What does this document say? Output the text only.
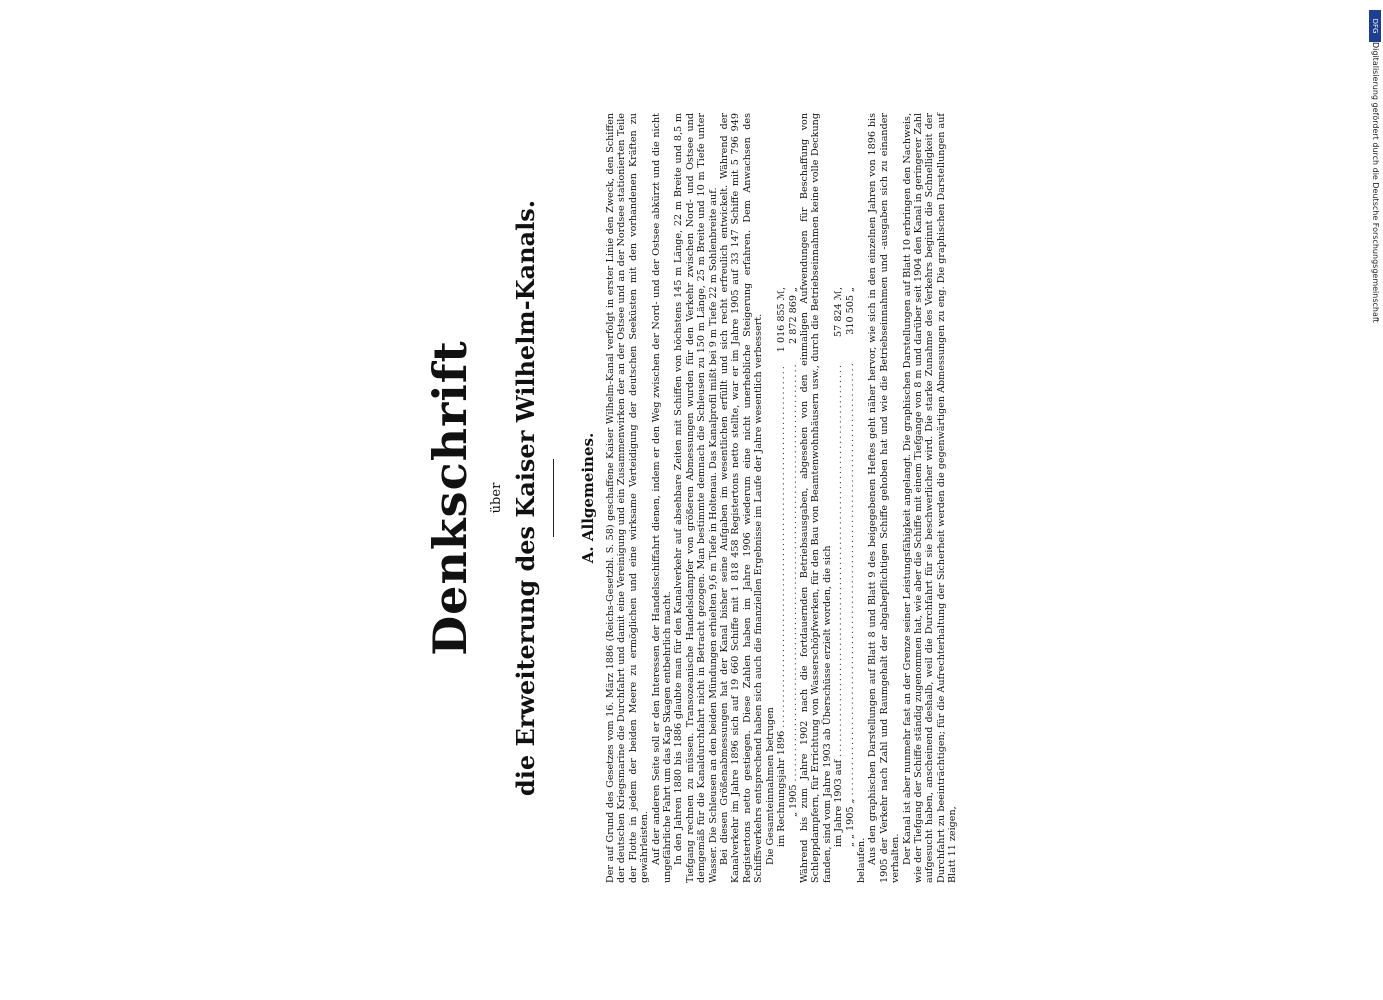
Denkschrift über die Erweiterung des Kaiser Wilhelm-Kanals.	A. Allgemeines. Der auf Grund des Gesetzes vom 16. März 1886 (Reichs-Gesetzbl. S. 58) geschaffene Kaiser Wilhelm-Kanal verfolgt in erster Linie den Zweck, den Schiffen der deutschen Kriegsmarine die Durchfahrt und damit eine Vereinigung und ein Zusammenwirken der an der Ostsee und an der Nordsee stationierten Teile der Flotte in jedem der beiden Meere zu ermöglichen und eine wirksame Verteidigung der deutschen Seeküsten mit den vorhandenen Kräften zu gewährleisten. Auf der anderen Seite soll er den Interessen der Handelsschiffahrt dienen, indem er den Weg zwischen der Nord- und der Ostsee abkürzt und die nicht ungefährliche Fahrt um das Kap Skagen entbehrlich macht. In den Jahren 1880 bis 1886 glaubte man für den Kanalverkehr auf absehbare Zeiten mit Schiffen von höchstens 145 m Länge, 22 m Breite und 8,5 m Tiefgang rechnen zu müssen. Transozeanische Handelsdampfer von größeren Abmessungen wurden für den Verkehr zwischen Nord- und Ostsee und demgemäß für die Kanaldurchfahrt nicht in Betracht gezogen. Man bestimmte demnach die Schleusen zu 150 m Länge, 25 m Breite und 10 m Tiefe unter Wasser. Die Schleusen an den beiden Mündungen erhielten 9,6 m Tiefe in Holtenau. Das Kanalprofil mißt bei 9 m Tiefe 22 m Sohlenbreite auf. Bei diesen Größenabmessungen hat der Kanal bisher seine Aufgaben im wesentlichen erfüllt und sich recht erfreulich entwickelt. Während der Kanalverkehr im Jahre 1896 sich auf 19 660 Schiffe mit 1 818 458 Registertons netto stellte, war er im Jahre 1905 auf 33 147 Schiffe mit 5 796 949 Registertons netto gestiegen. Diese Zahlen haben im Jahre 1906 wiederum eine nicht unerhebliche Steigerung erfahren. Dem Anwachsen des Schiffsverkehrs entsprechend haben sich auch die finanziellen Ergebnisse im Laufe der Jahre wesentlich verbessert. Die Gesamteinnahmen betrugen im Rechnungsjahr 1896
.....
1 016 855 ℳ,
„ 1905
.....
2 872 869 „ Während bis zum Jahre 1902 nach die fortdauernden Betriebsausgaben, abgesehen von den einmaligen Aufwendungen für Beschaffung von Schleppdampfern, für Errichtung von Wasserschöpfwerken, für den Bau von Beamtenwohnhäusern usw., durch die Betriebseinnahmen keine volle Deckung fanden, sind vom Jahre 1903 ab Überschüsse erzielt worden, die sich im Jahre 1903 auf
.....
57 824 ℳ,
„ „ 1905 „
.....
310 505 „

belaufen. Aus den graphischen Darstellungen auf Blatt 8 und Blatt 9 des beigegebenen Heftes geht näher hervor, wie sich in den einzelnen Jahren von 1896 bis 1905 der Verkehr nach Zahl und Raumgehalt der abgabepflichtigen Schiffe gehoben hat und wie die Betriebseinnahmen und -ausgaben sich zu einander verhalten. Der Kanal ist aber nunmehr fast an der Grenze seiner Leistungsfähigkeit angelangt. Die graphischen Darstellungen auf Blatt 10 erbringen den Nachweis, wie der Tiefgang der Schiffe ständig zugenommen hat, wie aber die Schiffe mit einem Tiefgange von 8 m und darüber seit 1904 den Kanal in geringerer Zahl aufgesucht haben, anscheinend deshalb, weil die Durchfahrt für sie beschwerlicher wird. Die starke Zunahme des Verkehrs beginnt die Schnelligkeit der Durchfahrt zu beeinträchtigen; für die Aufrechterhaltung der Sicherheit werden die gegenwärtigen Abmessungen zu eng. Die graphischen Darstellungen auf Blatt 11 zeigen,

DFG
Digitalisierung gefördert durch die Deutsche Forschungsgemeinschaft
